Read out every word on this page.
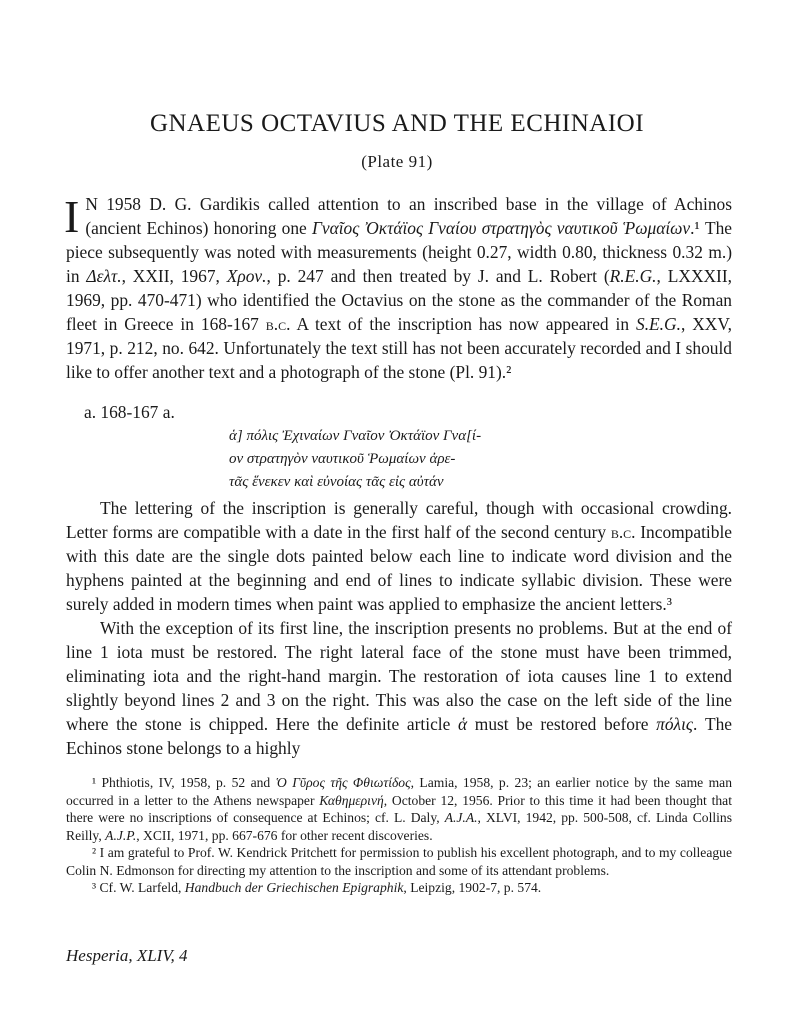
GNAEUS OCTAVIUS AND THE ECHINAIOI
(Plate 91)

I N 1958 D. G. Gardikis called attention to an inscribed base in the village of Achinos (ancient Echinos) honoring one Γναῖος Ὀκτάϊος Γναίου στρατηγὸς ναυτικοῦ Ῥωμαίων.¹ The piece subsequently was noted with measurements (height 0.27, width 0.80, thickness 0.32 m.) in Δελτ., XXII, 1967, Χρον., p. 247 and then treated by J. and L. Robert (R.E.G., LXXXII, 1969, pp. 470-471) who identified the Octavius on the stone as the commander of the Roman fleet in Greece in 168-167 b.c. A text of the inscription has now appeared in S.E.G., XXV, 1971, p. 212, no. 642. Unfortunately the text still has not been accurately recorded and I should like to offer another text and a photograph of the stone (Pl. 91).²

a. 168-167 a.
ἁ] πόλις Ἐχιναίων Γναῖον Ὀκτάϊον Γνα[ί-
ον στρατηγὸν ναυτικοῦ Ῥωμαίων ἀρε-
τᾶς ἕνεκεν καὶ εὐνοίας τᾶς εἰς αὐτάν

The lettering of the inscription is generally careful, though with occasional crowding. Letter forms are compatible with a date in the first half of the second century b.c. Incompatible with this date are the single dots painted below each line to indicate word division and the hyphens painted at the beginning and end of lines to indicate syllabic division. These were surely added in modern times when paint was applied to emphasize the ancient letters.³

With the exception of its first line, the inscription presents no problems. But at the end of line 1 iota must be restored. The right lateral face of the stone must have been trimmed, eliminating iota and the right-hand margin. The restoration of iota causes line 1 to extend slightly beyond lines 2 and 3 on the right. This was also the case on the left side of the line where the stone is chipped. Here the definite article ἁ must be restored before πόλις. The Echinos stone belongs to a highly

¹ Phthiotis, IV, 1958, p. 52 and Ὁ Γῦρος τῆς Φθιωτίδος, Lamia, 1958, p. 23; an earlier notice by the same man occurred in a letter to the Athens newspaper Καθημερινή, October 12, 1956. Prior to this time it had been thought that there were no inscriptions of consequence at Echinos; cf. L. Daly, A.J.A., XLVI, 1942, pp. 500-508, cf. Linda Collins Reilly, A.J.P., XCII, 1971, pp. 667-676 for other recent discoveries.

² I am grateful to Prof. W. Kendrick Pritchett for permission to publish his excellent photograph, and to my colleague Colin N. Edmonson for directing my attention to the inscription and some of its attendant problems.

³ Cf. W. Larfeld, Handbuch der Griechischen Epigraphik, Leipzig, 1902-7, p. 574.

Hesperia, XLIV, 4
